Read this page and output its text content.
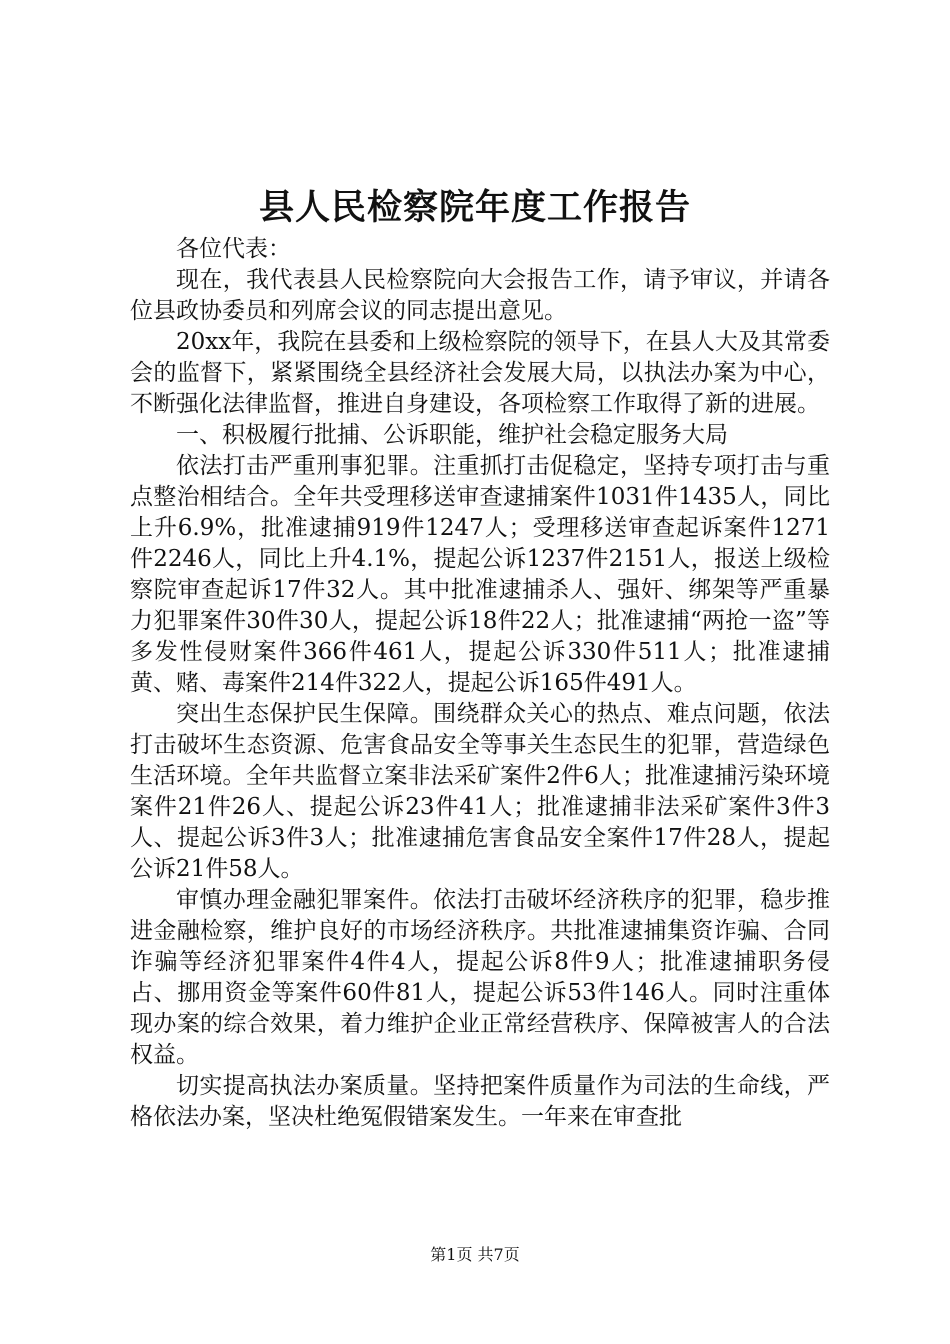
县人民检察院年度工作报告

各位代表：

现在，我代表县人民检察院向大会报告工作，请予审议，并请各位县政协委员和列席会议的同志提出意见。

20xx年，我院在县委和上级检察院的领导下，在县人大及其常委会的监督下，紧紧围绕全县经济社会发展大局，以执法办案为中心，不断强化法律监督，推进自身建设，各项检察工作取得了新的进展。

一、积极履行批捕、公诉职能，维护社会稳定服务大局

依法打击严重刑事犯罪。注重抓打击促稳定，坚持专项打击与重点整治相结合。全年共受理移送审查逮捕案件1031件1435人，同比上升6.9%，批准逮捕919件1247人；受理移送审查起诉案件1271件2246人，同比上升4.1%，提起公诉1237件2151人，报送上级检察院审查起诉17件32人。其中批准逮捕杀人、强奸、绑架等严重暴力犯罪案件30件30人，提起公诉18件22人；批准逮捕“两抢一盗”等多发性侵财案件366件461人，提起公诉330件511人；批准逮捕黄、赌、毒案件214件322人，提起公诉165件491人。

突出生态保护民生保障。围绕群众关心的热点、难点问题，依法打击破坏生态资源、危害食品安全等事关生态民生的犯罪，营造绿色生活环境。全年共监督立案非法采矿案件2件6人；批准逮捕污染环境案件21件26人、提起公诉23件41人；批准逮捕非法采矿案件3件3人、提起公诉3件3人；批准逮捕危害食品安全案件17件28人，提起公诉21件58人。

审慎办理金融犯罪案件。依法打击破坏经济秩序的犯罪，稳步推进金融检察，维护良好的市场经济秩序。共批准逮捕集资诈骗、合同诈骗等经济犯罪案件4件4人，提起公诉8件9人；批准逮捕职务侵占、挪用资金等案件60件81人，提起公诉53件146人。同时注重体现办案的综合效果，着力维护企业正常经营秩序、保障被害人的合法权益。

切实提高执法办案质量。坚持把案件质量作为司法的生命线，严格依法办案，坚决杜绝冤假错案发生。一年来在审查批

第1页 共7页
